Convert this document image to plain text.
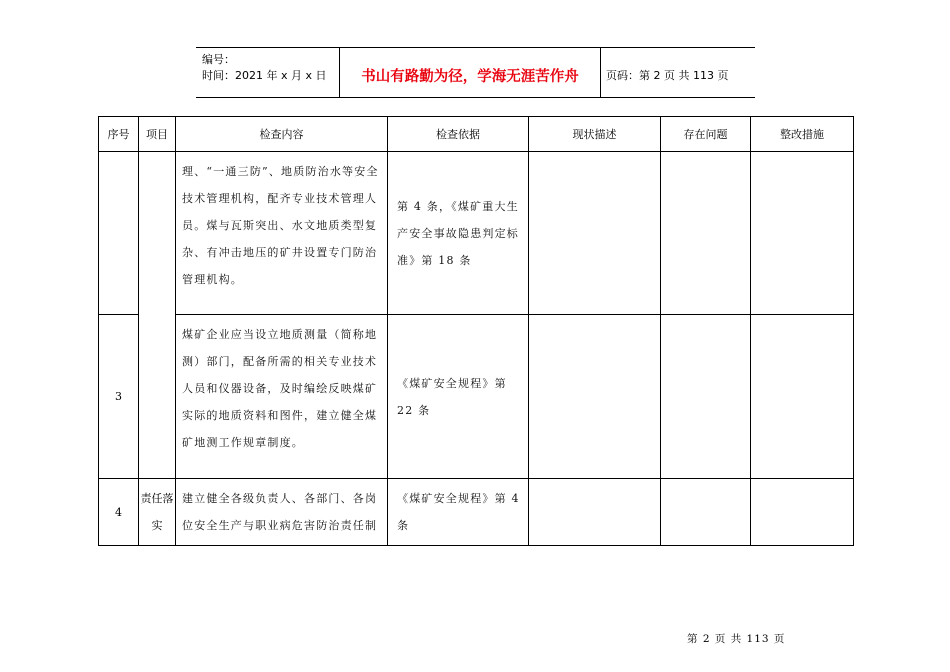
编号：
时间：2021 年 x 月 x 日	书山有路勤为径，学海无涯苦作舟	页码：第 2 页 共 113 页
序号	项目	检查内容	检查依据	现状描述	存在问题	整改措施
		理、“一通三防”、地质防治水等安全技术管理机构，配齐专业技术管理人员。煤与瓦斯突出、水文地质类型复杂、有冲击地压的矿井设置专门防治管理机构。	第 4 条，《煤矿重大生产安全事故隐患判定标准》第 18 条			
3		煤矿企业应当设立地质测量（简称地测）部门，配备所需的相关专业技术人员和仪器设备，及时编绘反映煤矿实际的地质资料和图件，建立健全煤矿地测工作规章制度。	《煤矿安全规程》第 22 条			
4	责任落实	建立健全各级负责人、各部门、各岗位安全生产与职业病危害防治责任制	《煤矿安全规程》第 4 条			
第 2 页 共 113 页
